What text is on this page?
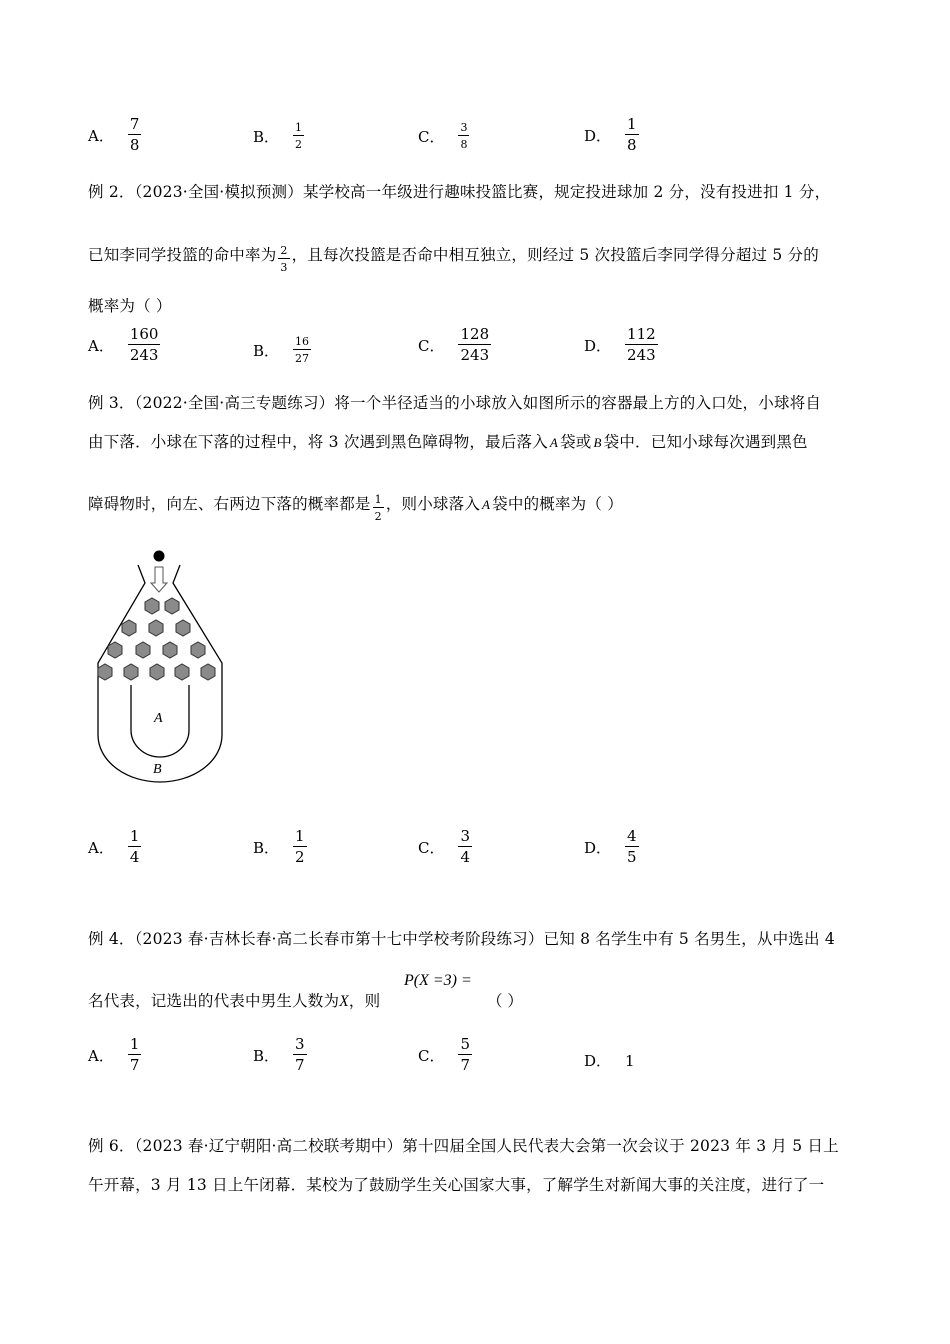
A． $\frac{7}{8}$	B． $\frac{1}{2}$	C． $\frac{3}{8}$	D． $\frac{1}{8}$
例 2．（2023·全国·模拟预测）某学校高一年级进行趣味投篮比赛，规定投进球加 2 分，没有投进扣 1 分，
已知李同学投篮的命中率为 $\frac{2}{3}$ ，且每次投篮是否命中相互独立，则经过 5 次投篮后李同学得分超过 5 分的
概率为（ ）
A． $\frac{160}{243}$	B． $\frac{16}{27}$	C． $\frac{128}{243}$	D． $\frac{112}{243}$
例 3．（2022·全国·高三专题练习）将一个半径适当的小球放入如图所示的容器最上方的入口处，小球将自
由下落．小球在下落的过程中，将 3 次遇到黑色障碍物，最后落入 A 袋或 B 袋中．已知小球每次遇到黑色
障碍物时，向左、右两边下落的概率都是 $\frac{1}{2}$ ，则小球落入 A 袋中的概率为（ ）
A
B
A． $\frac{1}{4}$	B． $\frac{1}{2}$	C． $\frac{3}{4}$	D． $\frac{4}{5}$
例 4．（2023 春·吉林长春·高二长春市第十七中学校考阶段练习）已知 8 名学生中有 5 名男生，从中选出 4
名代表，记选出的代表中男生人数为X，则
P(X =3) =
（ ）
A． $\frac{1}{7}$	B． $\frac{3}{7}$	C． $\frac{5}{7}$	D． 1
例 6．（2023 春·辽宁朝阳·高二校联考期中）第十四届全国人民代表大会第一次会议于 2023 年 3 月 5 日上
午开幕，3 月 13 日上午闭幕．某校为了鼓励学生关心国家大事，了解学生对新闻大事的关注度，进行了一
